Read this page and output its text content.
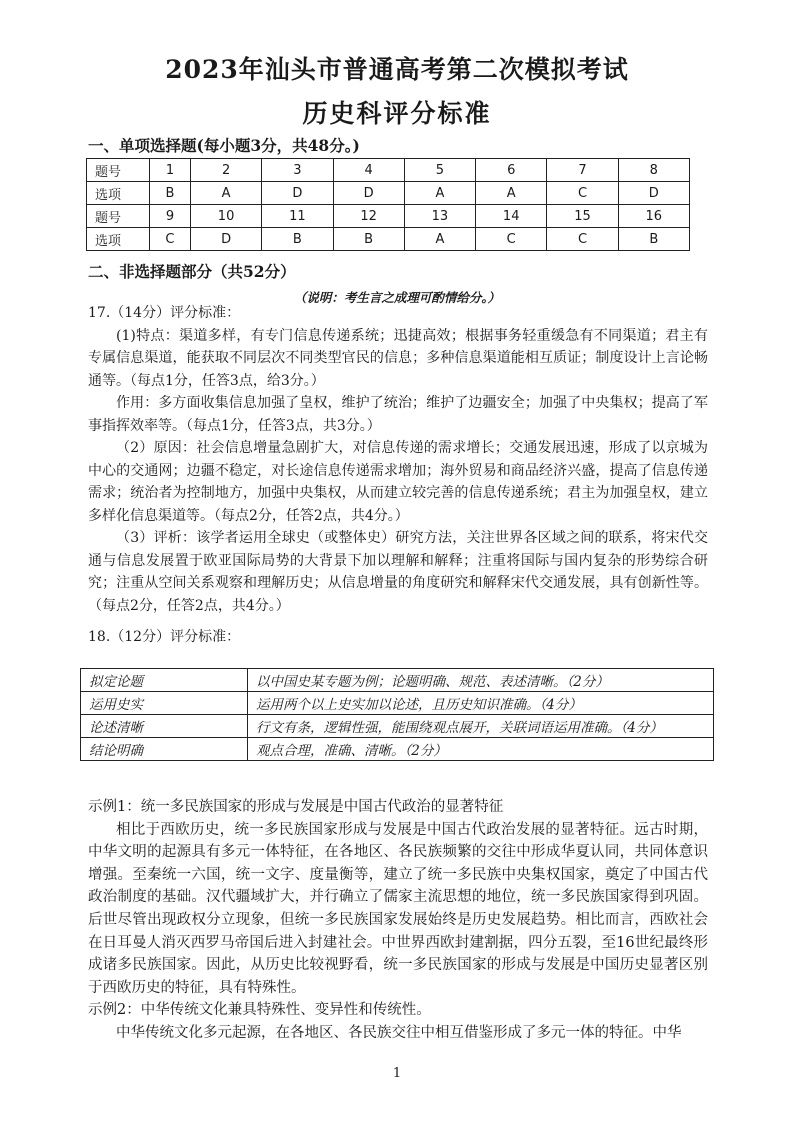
2023年汕头市普通高考第二次模拟考试
历史科评分标准
一、单项选择题(每小题3分，共48分。)
题号	1	2	3	4	5	6	7	8
选项	B	A	D	D	A	A	C	D
题号	9	10	11	12	13	14	15	16
选项	C	D	B	B	A	C	C	B
二、非选择题部分（共52分）
（说明：考生言之成理可酌情给分。）

17.（14分）评分标准：

(1)特点：渠道多样，有专门信息传递系统；迅捷高效；根据事务轻重缓急有不同渠道；君主有专属信息渠道，能获取不同层次不同类型官民的信息；多种信息渠道能相互质证；制度设计上言论畅通等。（每点1分，任答3点，给3分。）

作用：多方面收集信息加强了皇权，维护了统治；维护了边疆安全；加强了中央集权；提高了军事指挥效率等。（每点1分，任答3点，共3分。）

（2）原因：社会信息增量急剧扩大，对信息传递的需求增长；交通发展迅速，形成了以京城为中心的交通网；边疆不稳定，对长途信息传递需求增加；海外贸易和商品经济兴盛，提高了信息传递需求；统治者为控制地方，加强中央集权，从而建立较完善的信息传递系统；君主为加强皇权，建立多样化信息渠道等。（每点2分，任答2点，共4分。）

（3）评析：该学者运用全球史（或整体史）研究方法，关注世界各区域之间的联系，将宋代交通与信息发展置于欧亚国际局势的大背景下加以理解和解释；注重将国际与国内复杂的形势综合研究；注重从空间关系观察和理解历史；从信息增量的角度研究和解释宋代交通发展，具有创新性等。（每点2分，任答2点，共4分。）

18.（12分）评分标准：
拟定论题	以中国史某专题为例；论题明确、规范、表述清晰。（2分）
运用史实	运用两个以上史实加以论述，且历史知识准确。（4分）
论述清晰	行文有条，逻辑性强，能围绕观点展开，关联词语运用准确。（4分）
结论明确	观点合理，准确、清晰。（2分）

示例1：统一多民族国家的形成与发展是中国古代政治的显著特征

相比于西欧历史，统一多民族国家形成与发展是中国古代政治发展的显著特征。远古时期，中华文明的起源具有多元一体特征，在各地区、各民族频繁的交往中形成华夏认同，共同体意识增强。至秦统一六国，统一文字、度量衡等，建立了统一多民族中央集权国家，奠定了中国古代政治制度的基础。汉代疆域扩大，并行确立了儒家主流思想的地位，统一多民族国家得到巩固。后世尽管出现政权分立现象，但统一多民族国家发展始终是历史发展趋势。相比而言，西欧社会在日耳曼人消灭西罗马帝国后进入封建社会。中世界西欧封建割据，四分五裂，至16世纪最终形成诸多民族国家。因此，从历史比较视野看，统一多民族国家的形成与发展是中国历史显著区别于西欧历史的特征，具有特殊性。

示例2：中华传统文化兼具特殊性、变异性和传统性。

中华传统文化多元起源，在各地区、各民族交往中相互借鉴形成了多元一体的特征。中华

1
